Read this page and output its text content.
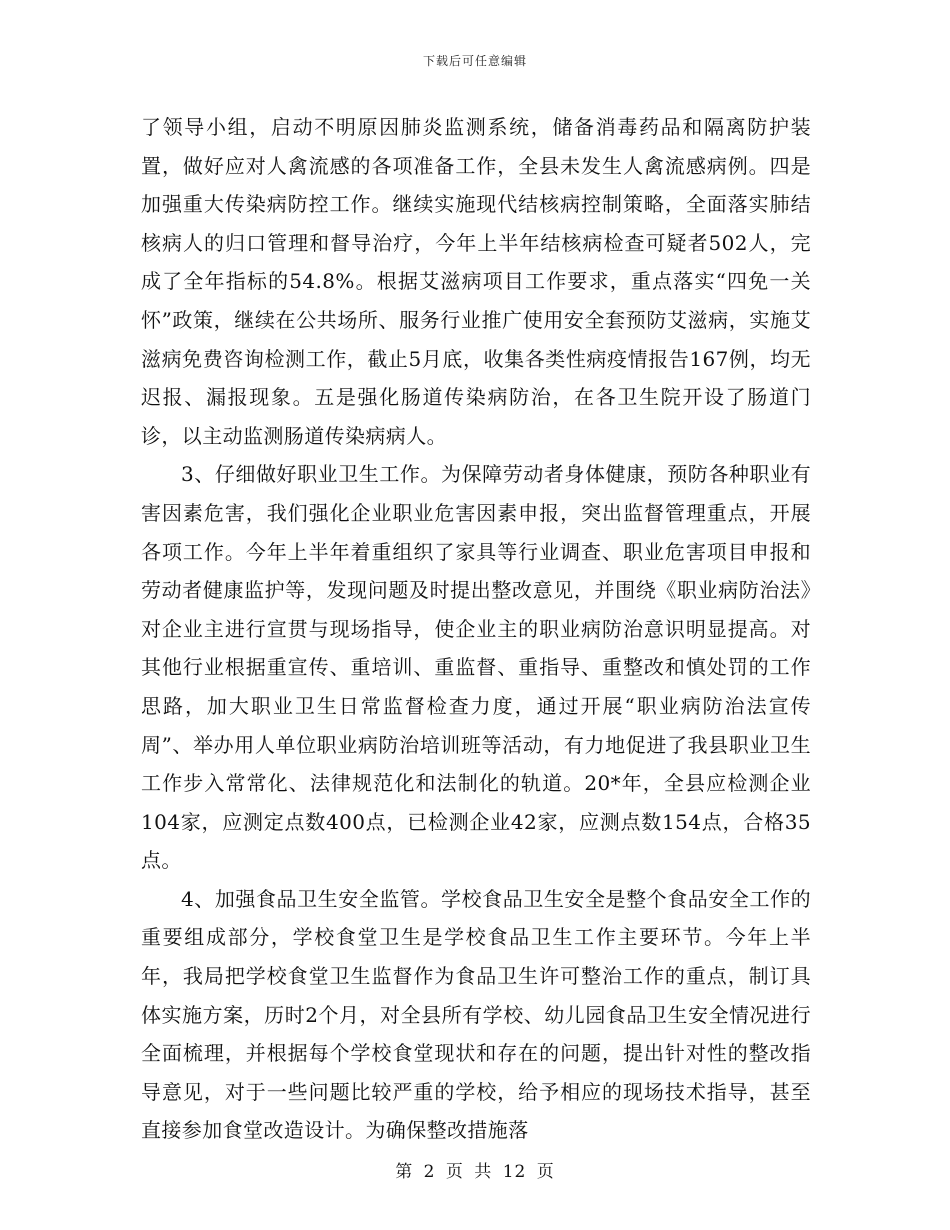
下载后可任意编辑

了领导小组，启动不明原因肺炎监测系统，储备消毒药品和隔离防护装置，做好应对人禽流感的各项准备工作，全县未发生人禽流感病例。四是加强重大传染病防控工作。继续实施现代结核病控制策略，全面落实肺结核病人的归口管理和督导治疗，今年上半年结核病检查可疑者502人，完成了全年指标的54.8%。根据艾滋病项目工作要求，重点落实“四免一关怀”政策，继续在公共场所、服务行业推广使用安全套预防艾滋病，实施艾滋病免费咨询检测工作，截止5月底，收集各类性病疫情报告167例，均无迟报、漏报现象。五是强化肠道传染病防治，在各卫生院开设了肠道门诊，以主动监测肠道传染病病人。

3、仔细做好职业卫生工作。为保障劳动者身体健康，预防各种职业有害因素危害，我们强化企业职业危害因素申报，突出监督管理重点，开展各项工作。今年上半年着重组织了家具等行业调查、职业危害项目申报和劳动者健康监护等，发现问题及时提出整改意见，并围绕《职业病防治法》对企业主进行宣贯与现场指导，使企业主的职业病防治意识明显提高。对其他行业根据重宣传、重培训、重监督、重指导、重整改和慎处罚的工作思路，加大职业卫生日常监督检查力度，通过开展“职业病防治法宣传周”、举办用人单位职业病防治培训班等活动，有力地促进了我县职业卫生工作步入常常化、法律规范化和法制化的轨道。20*年，全县应检测企业104家，应测定点数400点，已检测企业42家，应测点数154点，合格35点。

4、加强食品卫生安全监管。学校食品卫生安全是整个食品安全工作的重要组成部分，学校食堂卫生是学校食品卫生工作主要环节。今年上半年，我局把学校食堂卫生监督作为食品卫生许可整治工作的重点，制订具体实施方案，历时2个月，对全县所有学校、幼儿园食品卫生安全情况进行全面梳理，并根据每个学校食堂现状和存在的问题，提出针对性的整改指导意见，对于一些问题比较严重的学校，给予相应的现场技术指导，甚至直接参加食堂改造设计。为确保整改措施落

第 2 页 共 12 页
